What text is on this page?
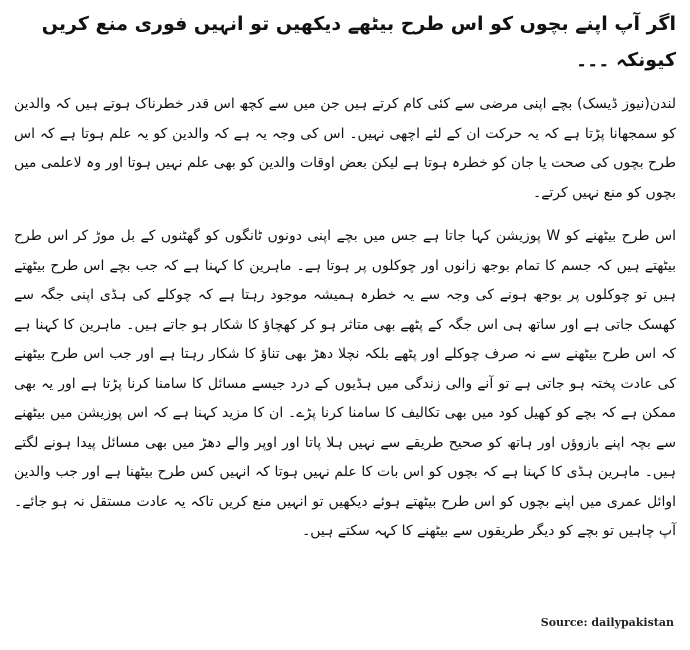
اگر آپ اپنے بچوں کو اس طرح بیٹھے دیکھیں تو انہیں فوری منع کریں کیونکہ ۔۔۔

لندن(نیوز ڈیسک) بچے اپنی مرضی سے کئی کام کرتے ہیں جن میں سے کچھ اس قدر خطرناک ہوتے ہیں کہ والدین کو سمجھانا پڑتا ہے کہ یہ حرکت ان کے لئے اچھی نہیں۔ اس کی وجہ یہ ہے کہ والدین کو یہ علم ہوتا ہے کہ اس طرح بچوں کی صحت یا جان کو خطرہ ہوتا ہے لیکن بعض اوقات والدین کو بھی علم نہیں ہوتا اور وہ لاعلمی میں بچوں کو منع نہیں کرتے۔

اس طرح بیٹھنے کو W پوزیشن کہا جاتا ہے جس میں بچے اپنی دونوں ٹانگوں کو گھٹنوں کے بل موڑ کر اس طرح بیٹھتے ہیں کہ جسم کا تمام بوجھ زانوں اور چوکلوں پر ہوتا ہے۔ ماہرین کا کہنا ہے کہ جب بچے اس طرح بیٹھتے ہیں تو چوکلوں پر بوجھ ہونے کی وجہ سے یہ خطرہ ہمیشہ موجود رہتا ہے کہ چوکلے کی ہڈی اپنی جگہ سے کھسک جاتی ہے اور ساتھ ہی اس جگہ کے پٹھے بھی متاثر ہو کر کھچاؤ کا شکار ہو جاتے ہیں۔ ماہرین کا کہنا ہے کہ اس طرح بیٹھنے سے نہ صرف چوکلے اور پٹھے بلکہ نچلا دھڑ بھی تناؤ کا شکار رہتا ہے اور جب اس طرح بیٹھنے کی عادت پختہ ہو جاتی ہے تو آنے والی زندگی میں ہڈیوں کے درد جیسے مسائل کا سامنا کرنا پڑتا ہے اور یہ بھی ممکن ہے کہ بچے کو کھیل کود میں بھی تکالیف کا سامنا کرنا پڑے۔ ان کا مزید کہنا ہے کہ اس پوزیشن میں بیٹھنے سے بچہ اپنے بازوؤں اور ہاتھ کو صحیح طریقے سے نہیں ہلا پاتا اور اوپر والے دھڑ میں بھی مسائل پیدا ہونے لگتے ہیں۔ ماہرین ہڈی کا کہنا ہے کہ بچوں کو اس بات کا علم نہیں ہوتا کہ انہیں کس طرح بیٹھنا ہے اور جب والدین اوائل عمری میں اپنے بچوں کو اس طرح بیٹھتے ہوئے دیکھیں تو انہیں منع کریں تاکہ یہ عادت مستقل نہ ہو جائے۔ آپ چاہیں تو بچے کو دیگر طریقوں سے بیٹھنے کا کہہ سکتے ہیں۔

Source: dailypakistan
